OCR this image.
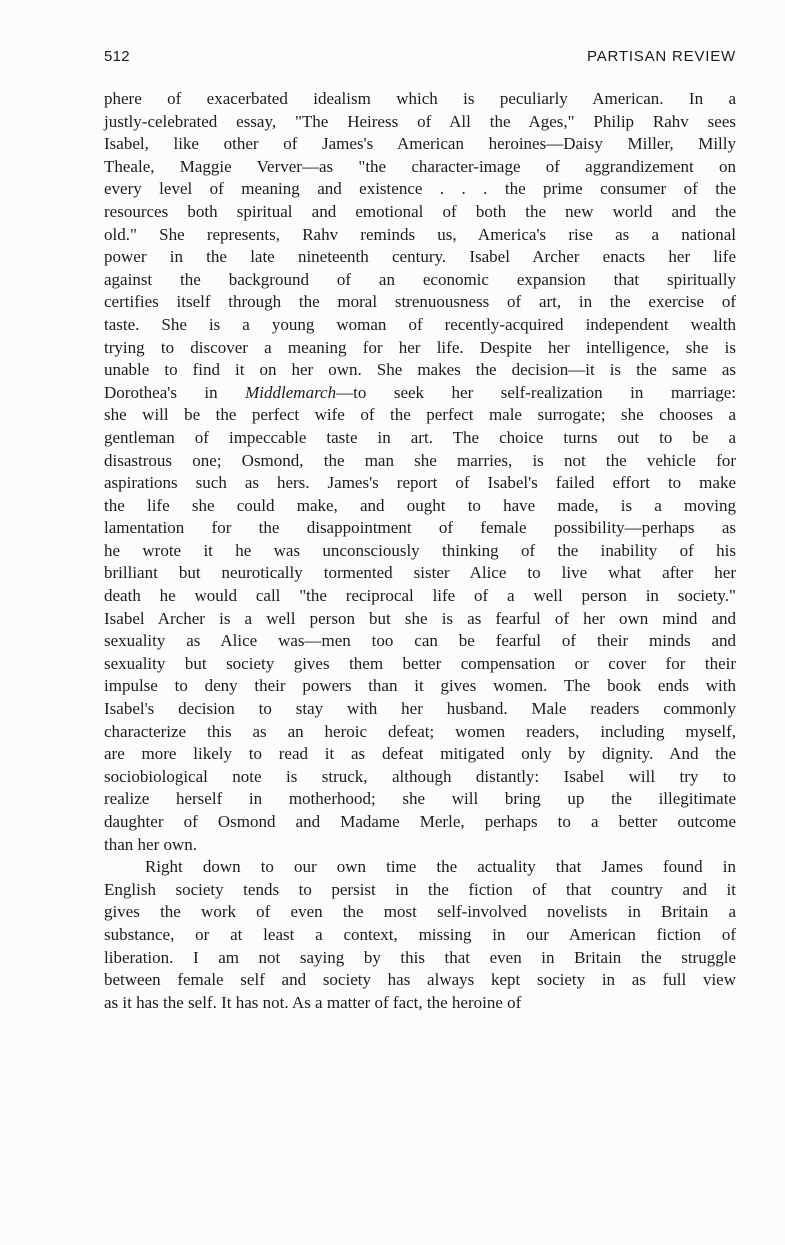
512	PARTISAN REVIEW
phere of exacerbated idealism which is peculiarly American. In a
justly-celebrated essay, "The Heiress of All the Ages," Philip Rahv sees
Isabel, like other of James's American heroines—Daisy Miller, Milly
Theale, Maggie Verver—as "the character-image of aggrandizement on
every level of meaning and existence . . . the prime consumer of the
resources both spiritual and emotional of both the new world and the
old." She represents, Rahv reminds us, America's rise as a national
power in the late nineteenth century. Isabel Archer enacts her life
against the background of an economic expansion that spiritually
certifies itself through the moral strenuousness of art, in the exercise of
taste. She is a young woman of recently-acquired independent wealth
trying to discover a meaning for her life. Despite her intelligence, she is
unable to find it on her own. She makes the decision—it is the same as
Dorothea's in Middlemarch—to seek her self-realization in marriage:
she will be the perfect wife of the perfect male surrogate; she chooses a
gentleman of impeccable taste in art. The choice turns out to be a
disastrous one; Osmond, the man she marries, is not the vehicle for
aspirations such as hers. James's report of Isabel's failed effort to make
the life she could make, and ought to have made, is a moving
lamentation for the disappointment of female possibility—perhaps as
he wrote it he was unconsciously thinking of the inability of his
brilliant but neurotically tormented sister Alice to live what after her
death he would call "the reciprocal life of a well person in society."
Isabel Archer is a well person but she is as fearful of her own mind and
sexuality as Alice was—men too can be fearful of their minds and
sexuality but society gives them better compensation or cover for their
impulse to deny their powers than it gives women. The book ends with
Isabel's decision to stay with her husband. Male readers commonly
characterize this as an heroic defeat; women readers, including myself,
are more likely to read it as defeat mitigated only by dignity. And the
sociobiological note is struck, although distantly: Isabel will try to
realize herself in motherhood; she will bring up the illegitimate
daughter of Osmond and Madame Merle, perhaps to a better outcome
than her own.
Right down to our own time the actuality that James found in
English society tends to persist in the fiction of that country and it
gives the work of even the most self-involved novelists in Britain a
substance, or at least a context, missing in our American fiction of
liberation. I am not saying by this that even in Britain the struggle
between female self and society has always kept society in as full view
as it has the self. It has not. As a matter of fact, the heroine of
